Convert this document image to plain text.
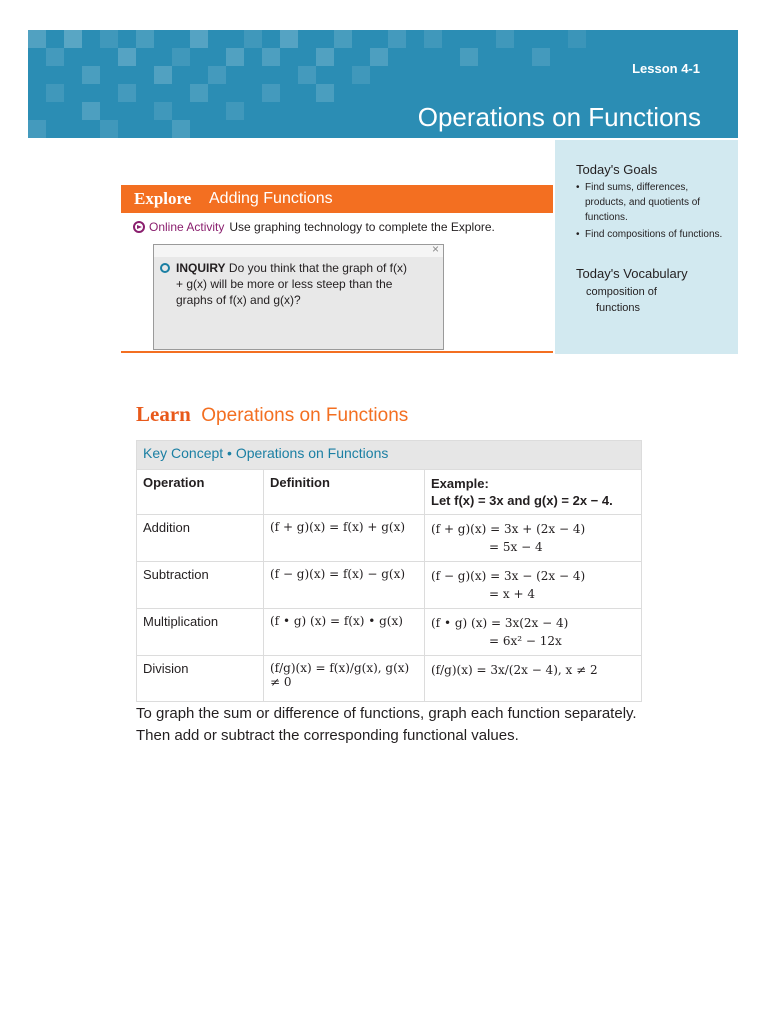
Lesson 4-1
Operations on Functions
Explore Adding Functions
Online Activity Use graphing technology to complete the Explore.
×
INQUIRY Do you think that the graph of f(x) + g(x) will be more or less steep than the graphs of f(x) and g(x)?
Today's Goals
• Find sums, differences, products, and quotients of functions.
• Find compositions of functions.
Today's Vocabulary
composition of
functions
Learn Operations on Functions
Key Concept • Operations on Functions		
Operation	Definition	Example:
Let f(x) = 3x and g(x) = 2x − 4.

Addition	(f + g)(x) = f(x) + g(x)	(f + g)(x) = 3x + (2x − 4)
= 5x − 4

Subtraction	(f − g)(x) = f(x) − g(x)	(f − g)(x) = 3x − (2x − 4)
= x + 4

Multiplication	(f • g) (x) = f(x) • g(x)	(f • g) (x) = 3x(2x − 4)
= 6x² − 12x

Division	(f/g)(x) = f(x)/g(x), g(x) ≠ 0	(f/g)(x) = 3x/(2x − 4), x ≠ 2
To graph the sum or difference of functions, graph each function separately. Then add or subtract the corresponding functional values.
